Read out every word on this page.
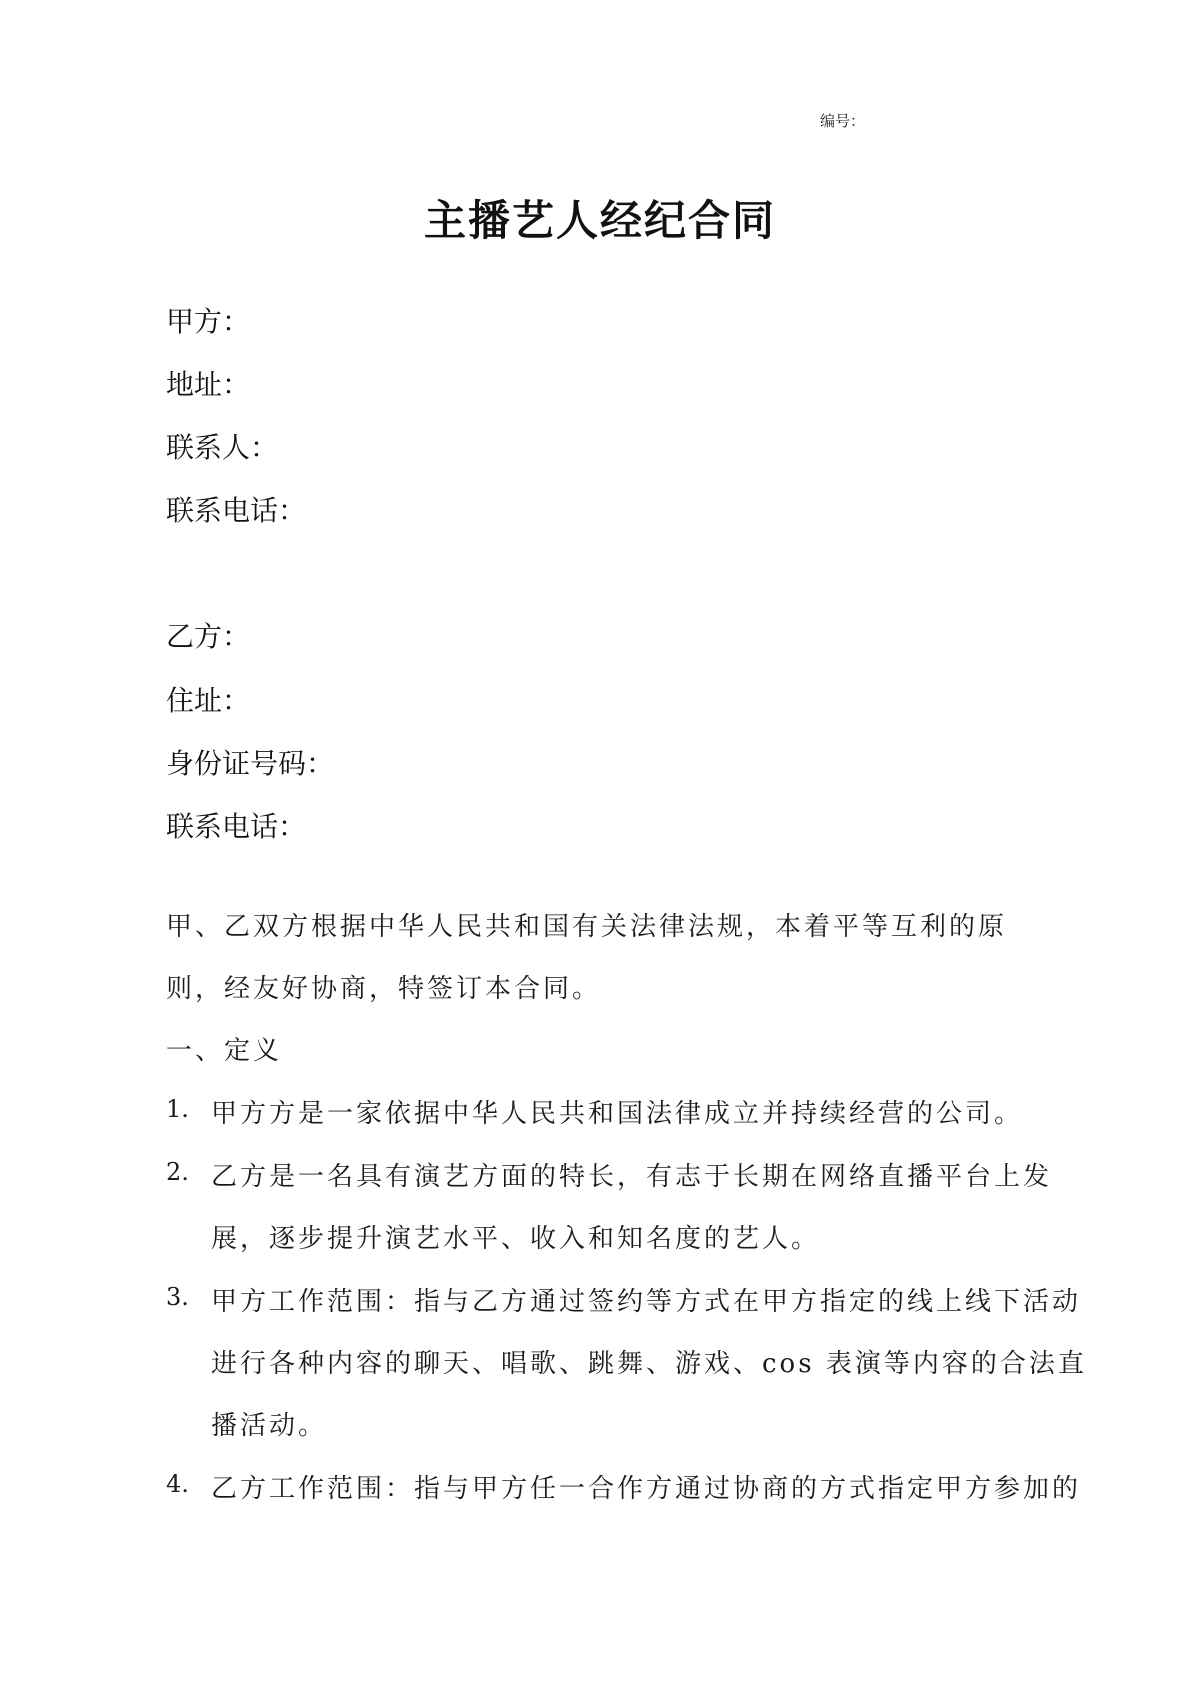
编号：
主播艺人经纪合同
甲方：
地址：
联系人：
联系电话：
乙方：
住址：
身份证号码：
联系电话：
甲、乙双方根据中华人民共和国有关法律法规，本着平等互利的原
则，经友好协商，特签订本合同。
一、定义
1. 甲方方是一家依据中华人民共和国法律成立并持续经营的公司。
2. 乙方是一名具有演艺方面的特长，有志于长期在网络直播平台上发
展，逐步提升演艺水平、收入和知名度的艺人。
3. 甲方工作范围：指与乙方通过签约等方式在甲方指定的线上线下活动
进行各种内容的聊天、唱歌、跳舞、游戏、cos 表演等内容的合法直
播活动。
4. 乙方工作范围：指与甲方任一合作方通过协商的方式指定甲方参加的
